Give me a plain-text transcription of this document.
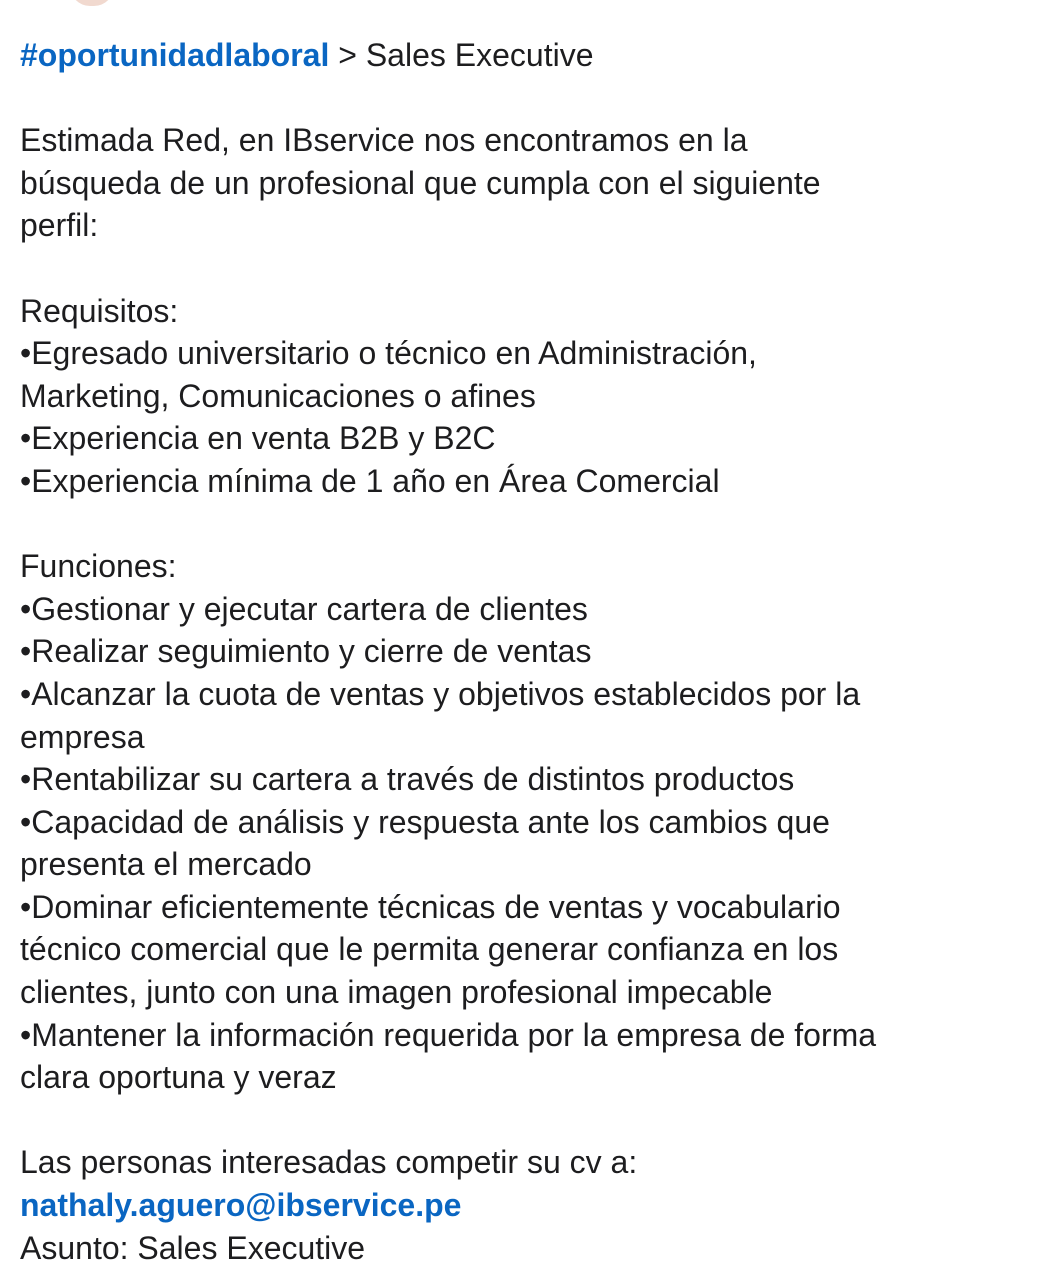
#oportunidadlaboral > Sales Executive

Estimada Red, en IBservice nos encontramos en la

búsqueda de un profesional que cumpla con el siguiente

perfil:

Requisitos:

•Egresado universitario o técnico en Administración,

Marketing, Comunicaciones o afines

•Experiencia en venta B2B y B2C

•Experiencia mínima de 1 año en Área Comercial

Funciones:

•Gestionar y ejecutar cartera de clientes

•Realizar seguimiento y cierre de ventas

•Alcanzar la cuota de ventas y objetivos establecidos por la

empresa

•Rentabilizar su cartera a través de distintos productos

•Capacidad de análisis y respuesta ante los cambios que

presenta el mercado

•Dominar eficientemente técnicas de ventas y vocabulario

técnico comercial que le permita generar confianza en los

clientes, junto con una imagen profesional impecable

•Mantener la información requerida por la empresa de forma

clara oportuna y veraz

Las personas interesadas competir su cv a:

nathaly.aguero@ibservice.pe

Asunto: Sales Executive
